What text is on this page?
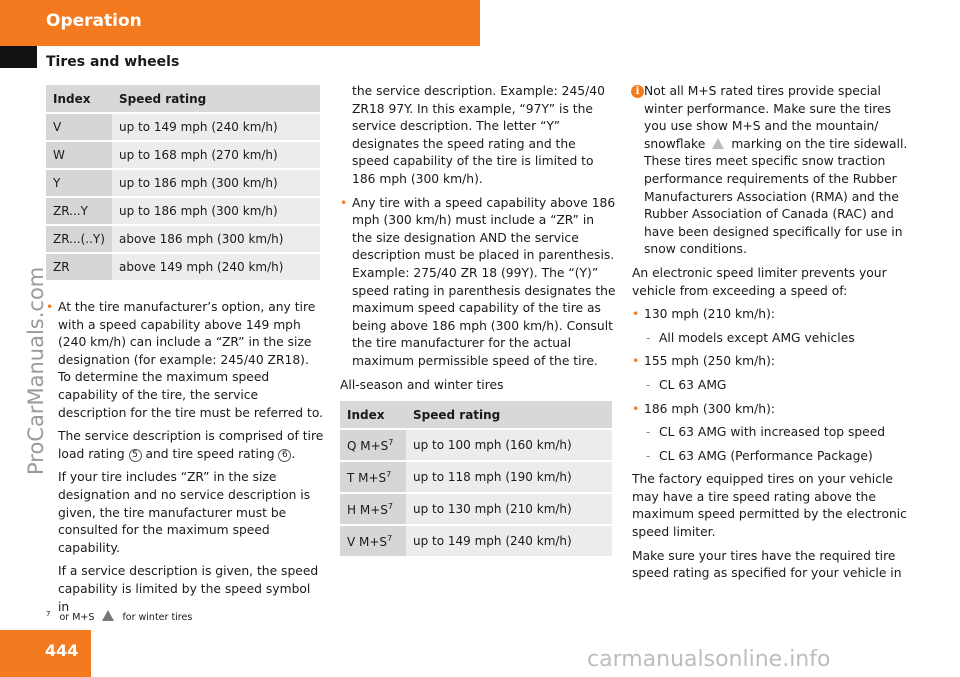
Operation
Tires and wheels
Index	Speed rating
V	up to 149 mph (240 km/h)
W	up to 168 mph (270 km/h)
Y	up to 186 mph (300 km/h)
ZR...Y	up to 186 mph (300 km/h)
ZR...(..Y)	above 186 mph (300 km/h)
ZR	above 149 mph (240 km/h)
• At the tire manufacturer’s option, any tire with a speed capability above 149 mph (240 km/h) can include a “ZR” in the size designation (for example: 245/40 ZR18). To determine the maximum speed capability of the tire, the service description for the tire must be referred to.
The service description is comprised of tire load rating 5 and tire speed rating 6 .
If your tire includes “ZR” in the size designation and no service description is given, the tire manufacturer must be consulted for the maximum speed capability.
If a service description is given, the speed capability is limited by the speed symbol in
the service description. Example: 245/40 ZR18 97Y. In this example, “97Y” is the service description. The letter “Y” designates the speed rating and the speed capability of the tire is limited to 186 mph (300 km/h).
• Any tire with a speed capability above 186 mph (300 km/h) must include a “ZR” in the size designation AND the service description must be placed in parenthesis. Example: 275/40 ZR 18 (99Y). The “(Y)” speed rating in parenthesis designates the maximum speed capability of the tire as being above 186 mph (300 km/h). Consult the tire manufacturer for the actual maximum permissible speed of the tire.

All-season and winter tires

Index	Speed rating
Q $M+S^7$	up to 100 mph (160 km/h)
T $M+S^7$	up to 118 mph (190 km/h)
H $M+S^7$	up to 130 mph (210 km/h)
V $M+S^7$	up to 149 mph (240 km/h)
i Not all M+S rated tires provide special winter performance. Make sure the tires you use show M+S and the mountain/ snowflake marking on the tire sidewall. These tires meet specific snow traction performance requirements of the Rubber Manufacturers Association (RMA) and the Rubber Association of Canada (RAC) and have been designed specifically for use in snow conditions.

An electronic speed limiter prevents your vehicle from exceeding a speed of:

• 130 mph (210 km/h):
- All models except AMG vehicles
• 155 mph (250 km/h):
- CL 63 AMG
• 186 mph (300 km/h):
- CL 63 AMG with increased top speed
- CL 63 AMG (Performance Package)

The factory equipped tires on your vehicle may have a tire speed rating above the maximum speed permitted by the electronic speed limiter.

Make sure your tires have the required tire speed rating as specified for your vehicle in

$^7$ or M+S	for winter tires
ProCarManuals.com
444	carmanualsonline.info
